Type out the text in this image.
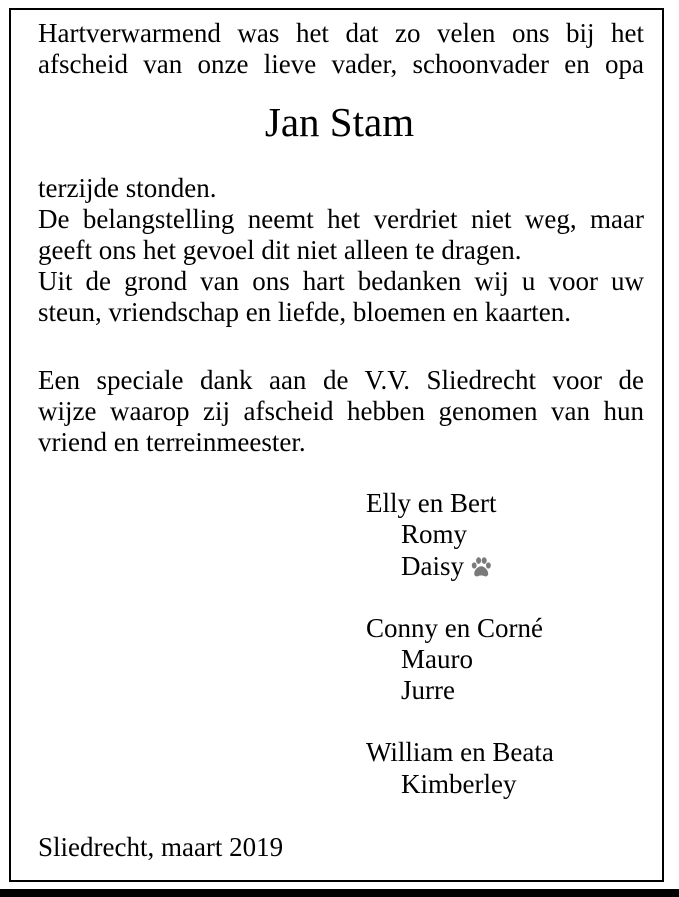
Hartverwarmend was het dat zo velen ons bij het
afscheid van onze lieve vader, schoonvader en opa
Jan Stam
terzijde stonden.
De belangstelling neemt het verdriet niet weg, maar
geeft ons het gevoel dit niet alleen te dragen.
Uit de grond van ons hart bedanken wij u voor uw
steun, vriendschap en liefde, bloemen en kaarten.
Een speciale dank aan de V.V. Sliedrecht voor de
wijze waarop zij afscheid hebben genomen van hun
vriend en terreinmeester.
Elly en Bert
Romy
Daisy
Conny en Corné
Mauro
Jurre
William en Beata
Kimberley
Sliedrecht, maart 2019
